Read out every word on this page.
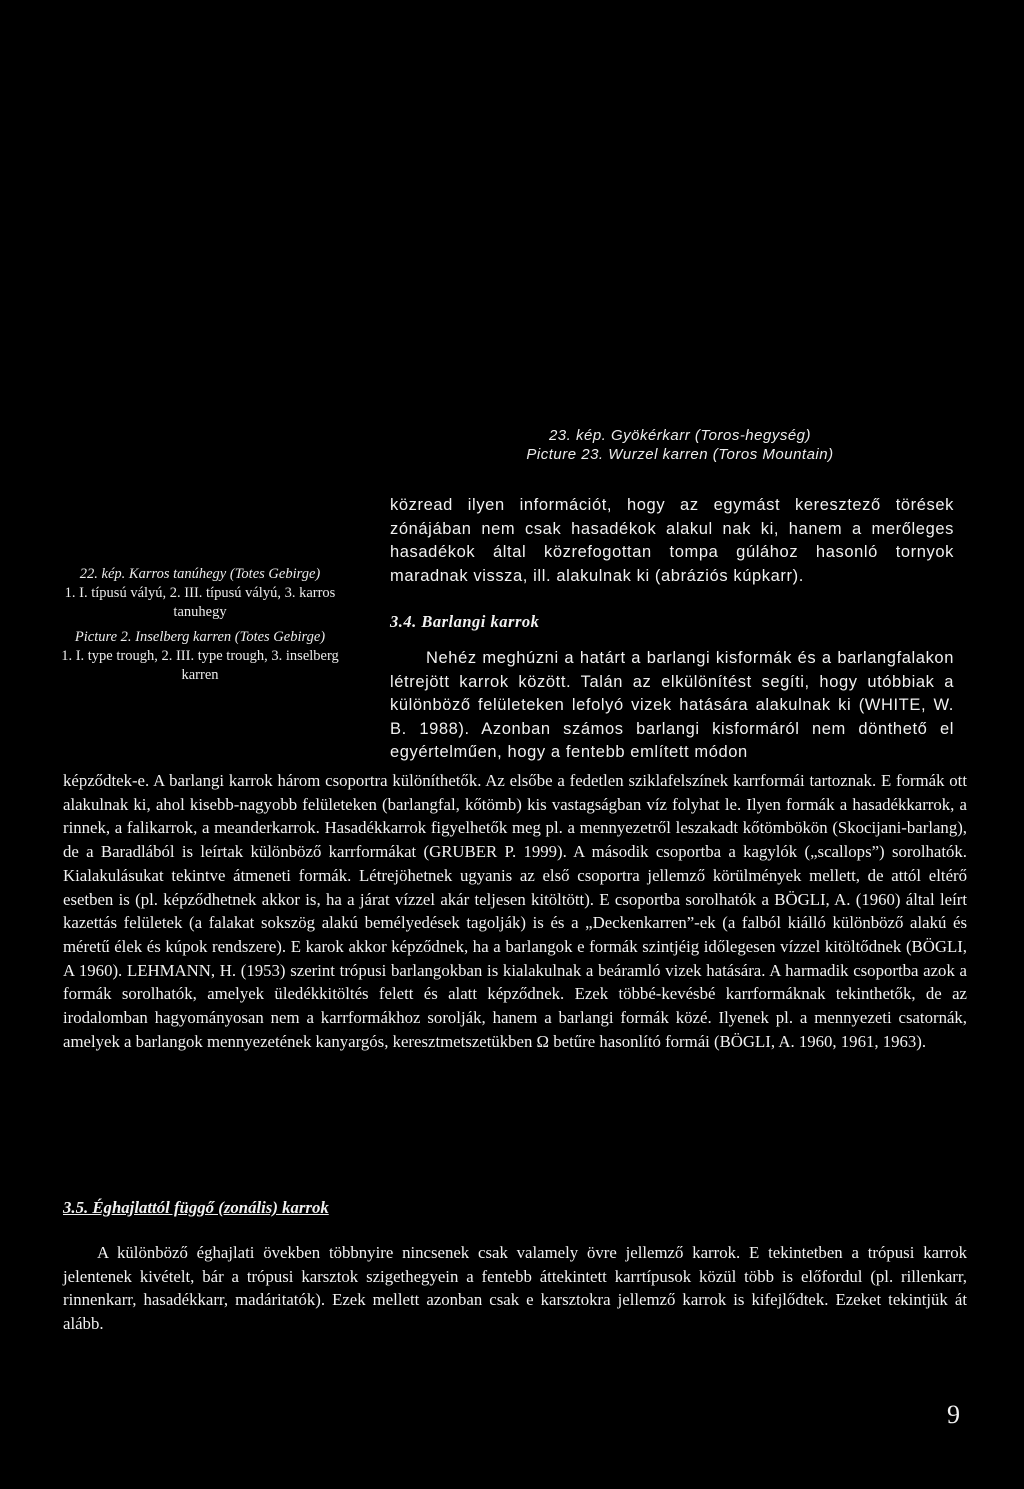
23. kép. Gyökérkarr (Toros-hegység)
Picture 23. Wurzel karren (Toros Mountain)
22. kép. Karros tanúhegy (Totes Gebirge)
1. I. típusú vályú, 2. III. típusú vályú, 3. karros tanuhegy
Picture 2. Inselberg karren (Totes Gebirge)
1. I. type trough, 2. III. type trough, 3. inselberg karren

közread ilyen információt, hogy az egymást keresztező törések zónájában nem csak hasadékok alakul nak ki, hanem a merőleges hasadékok által közrefogottan tompa gúlához hasonló tornyok maradnak vissza, ill. alakulnak ki (abráziós kúpkarr).

3.4. Barlangi karrok

Nehéz meghúzni a határt a barlangi kisformák és a barlangfalakon létrejött karrok között. Talán az elkülönítést segíti, hogy utóbbiak a különböző felületeken lefolyó vizek hatására alakulnak ki (WHITE, W. B. 1988). Azonban számos barlangi kisformáról nem dönthető el egyértelműen, hogy a fentebb említett módon

képződtek-e. A barlangi karrok három csoportra különíthetők. Az elsőbe a fedetlen sziklafelszínek karrformái tartoznak. E formák ott alakulnak ki, ahol kisebb-nagyobb felületeken (barlangfal, kőtömb) kis vastagságban víz folyhat le. Ilyen formák a hasadékkarrok, a rinnek, a falikarrok, a meanderkarrok. Hasadékkarrok figyelhetők meg pl. a mennyezetről leszakadt kőtömbökön (Skocijani-barlang), de a Baradlából is leírtak különböző karrformákat (GRUBER P. 1999). A második csoportba a kagylók („scallops”) sorolhatók. Kialakulásukat tekintve átmeneti formák. Létrejöhetnek ugyanis az első csoportra jellemző körülmények mellett, de attól eltérő esetben is (pl. képződhetnek akkor is, ha a járat vízzel akár teljesen kitöltött). E csoportba sorolhatók a BÖGLI, A. (1960) által leírt kazettás felületek (a falakat sokszög alakú bemélyedések tagolják) is és a „Deckenkarren”-ek (a falból kiálló különböző alakú és méretű élek és kúpok rendszere). E karok akkor képződnek, ha a barlangok e formák szintjéig időlegesen vízzel kitöltődnek (BÖGLI, A 1960). LEHMANN, H. (1953) szerint trópusi barlangokban is kialakulnak a beáramló vizek hatására. A harmadik csoportba azok a formák sorolhatók, amelyek üledékkitöltés felett és alatt képződnek. Ezek többé-kevésbé karrformáknak tekinthetők, de az irodalomban hagyományosan nem a karrformákhoz sorolják, hanem a barlangi formák közé. Ilyenek pl. a mennyezeti csatornák, amelyek a barlangok mennyezetének kanyargós, keresztmetszetükben Ω betűre hasonlító formái (BÖGLI, A. 1960, 1961, 1963).

3.5. Éghajlattól függő (zonális) karrok

A különböző éghajlati övekben többnyire nincsenek csak valamely övre jellemző karrok. E tekintetben a trópusi karrok jelentenek kivételt, bár a trópusi karsztok szigethegyein a fentebb áttekintett karrtípusok közül több is előfordul (pl. rillenkarr, rinnenkarr, hasadékkarr, madáritatók). Ezek mellett azonban csak e karsztokra jellemző karrok is kifejlődtek. Ezeket tekintjük át alább.

9
